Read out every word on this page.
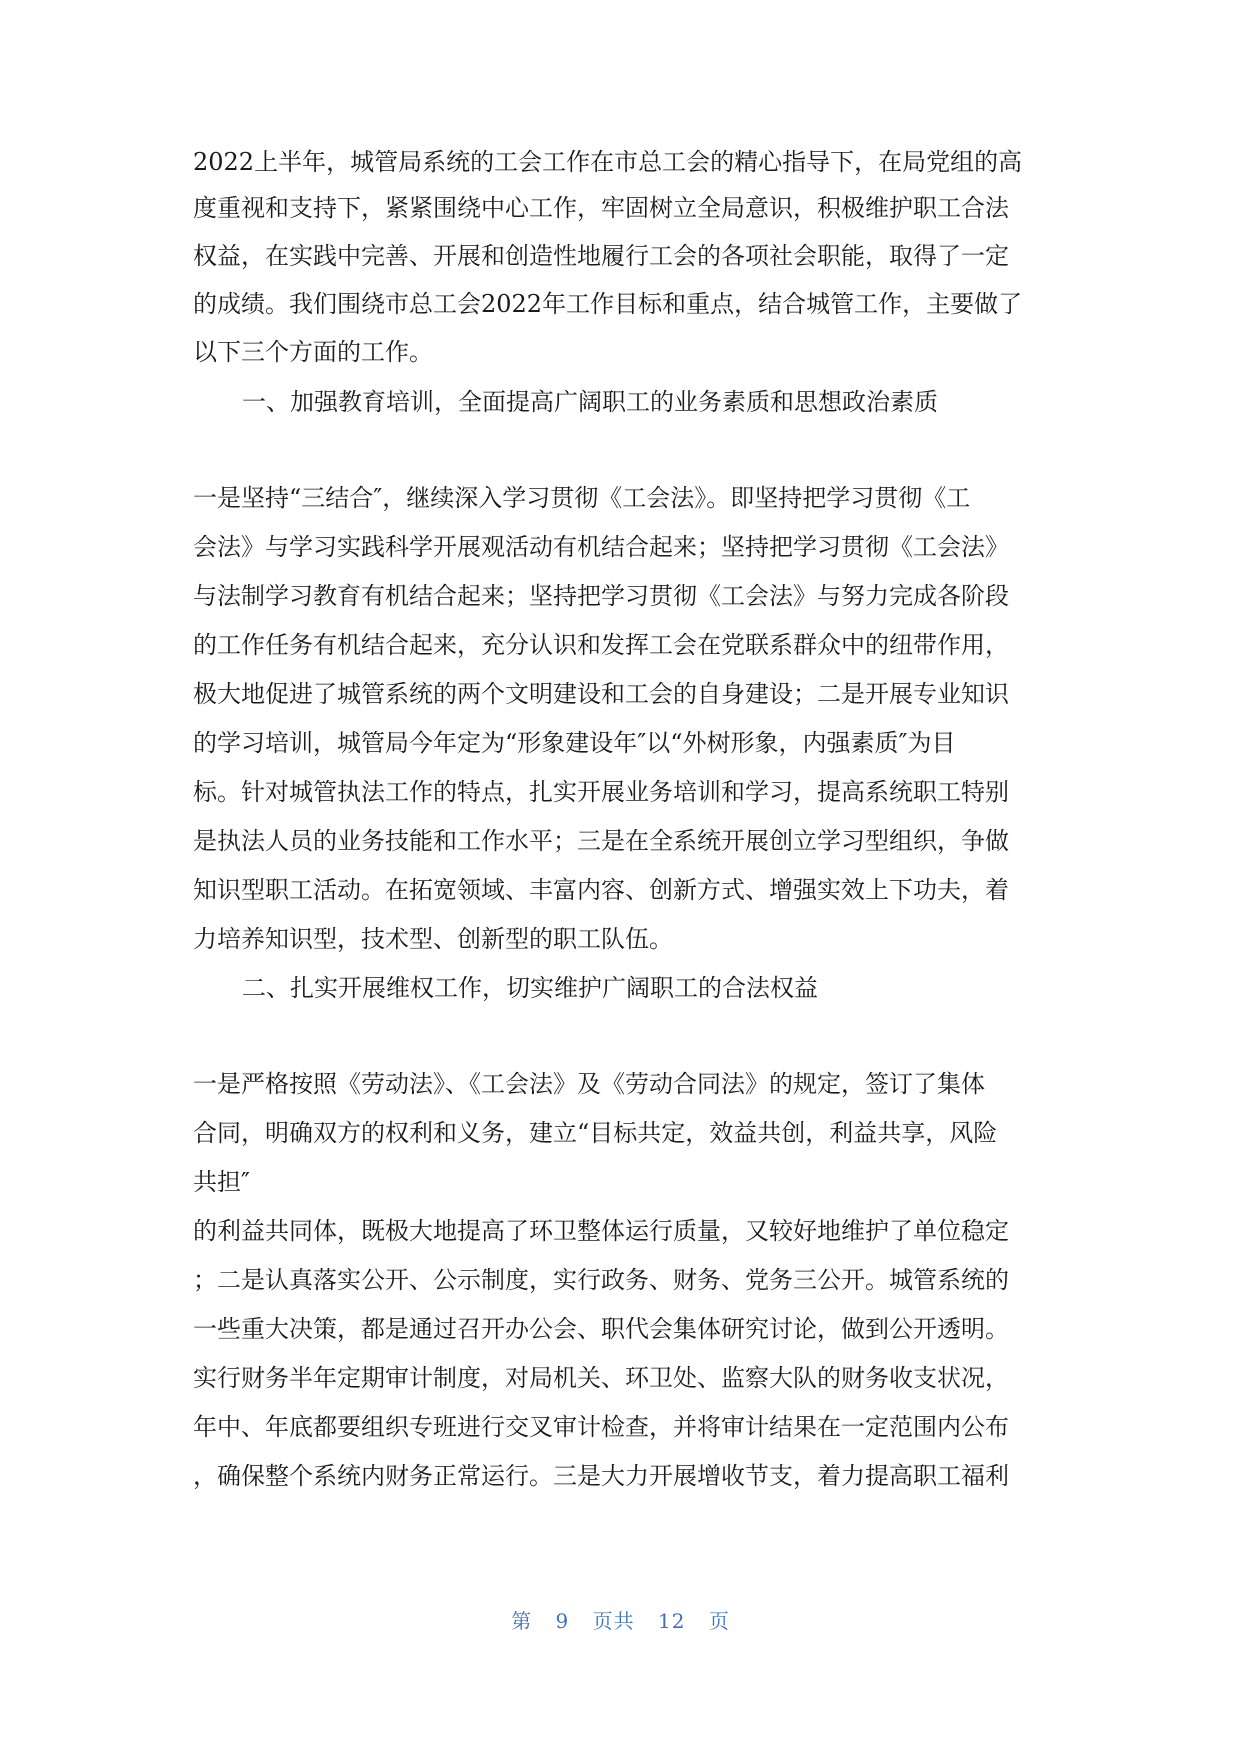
2022上半年，城管局系统的工会工作在市总工会的精心指导下，在局党组的高
度重视和支持下，紧紧围绕中心工作，牢固树立全局意识，积极维护职工合法
权益，在实践中完善、开展和创造性地履行工会的各项社会职能，取得了一定
的成绩。我们围绕市总工会2022年工作目标和重点，结合城管工作，主要做了
以下三个方面的工作。
一、加强教育培训，全面提高广阔职工的业务素质和思想政治素质
一是坚持“三结合″，继续深入学习贯彻《工会法》。即坚持把学习贯彻《工
会法》与学习实践科学开展观活动有机结合起来；坚持把学习贯彻《工会法》
与法制学习教育有机结合起来；坚持把学习贯彻《工会法》与努力完成各阶段
的工作任务有机结合起来，充分认识和发挥工会在党联系群众中的纽带作用，
极大地促进了城管系统的两个文明建设和工会的自身建设；二是开展专业知识
的学习培训，城管局今年定为“形象建设年″以“外树形象，内强素质″为目
标。针对城管执法工作的特点，扎实开展业务培训和学习，提高系统职工特别
是执法人员的业务技能和工作水平；三是在全系统开展创立学习型组织，争做
知识型职工活动。在拓宽领域、丰富内容、创新方式、增强实效上下功夫，着
力培养知识型，技术型、创新型的职工队伍。
二、扎实开展维权工作，切实维护广阔职工的合法权益
一是严格按照《劳动法》、《工会法》及《劳动合同法》的规定，签订了集体
合同，明确双方的权利和义务，建立“目标共定，效益共创，利益共享，风险
共担″
的利益共同体，既极大地提高了环卫整体运行质量，又较好地维护了单位稳定
；二是认真落实公开、公示制度，实行政务、财务、党务三公开。城管系统的
一些重大决策，都是通过召开办公会、职代会集体研究讨论，做到公开透明。
实行财务半年定期审计制度，对局机关、环卫处、监察大队的财务收支状况，
年中、年底都要组织专班进行交叉审计检查，并将审计结果在一定范围内公布
，确保整个系统内财务正常运行。三是大力开展增收节支，着力提高职工福利
第 9 页共 12 页
